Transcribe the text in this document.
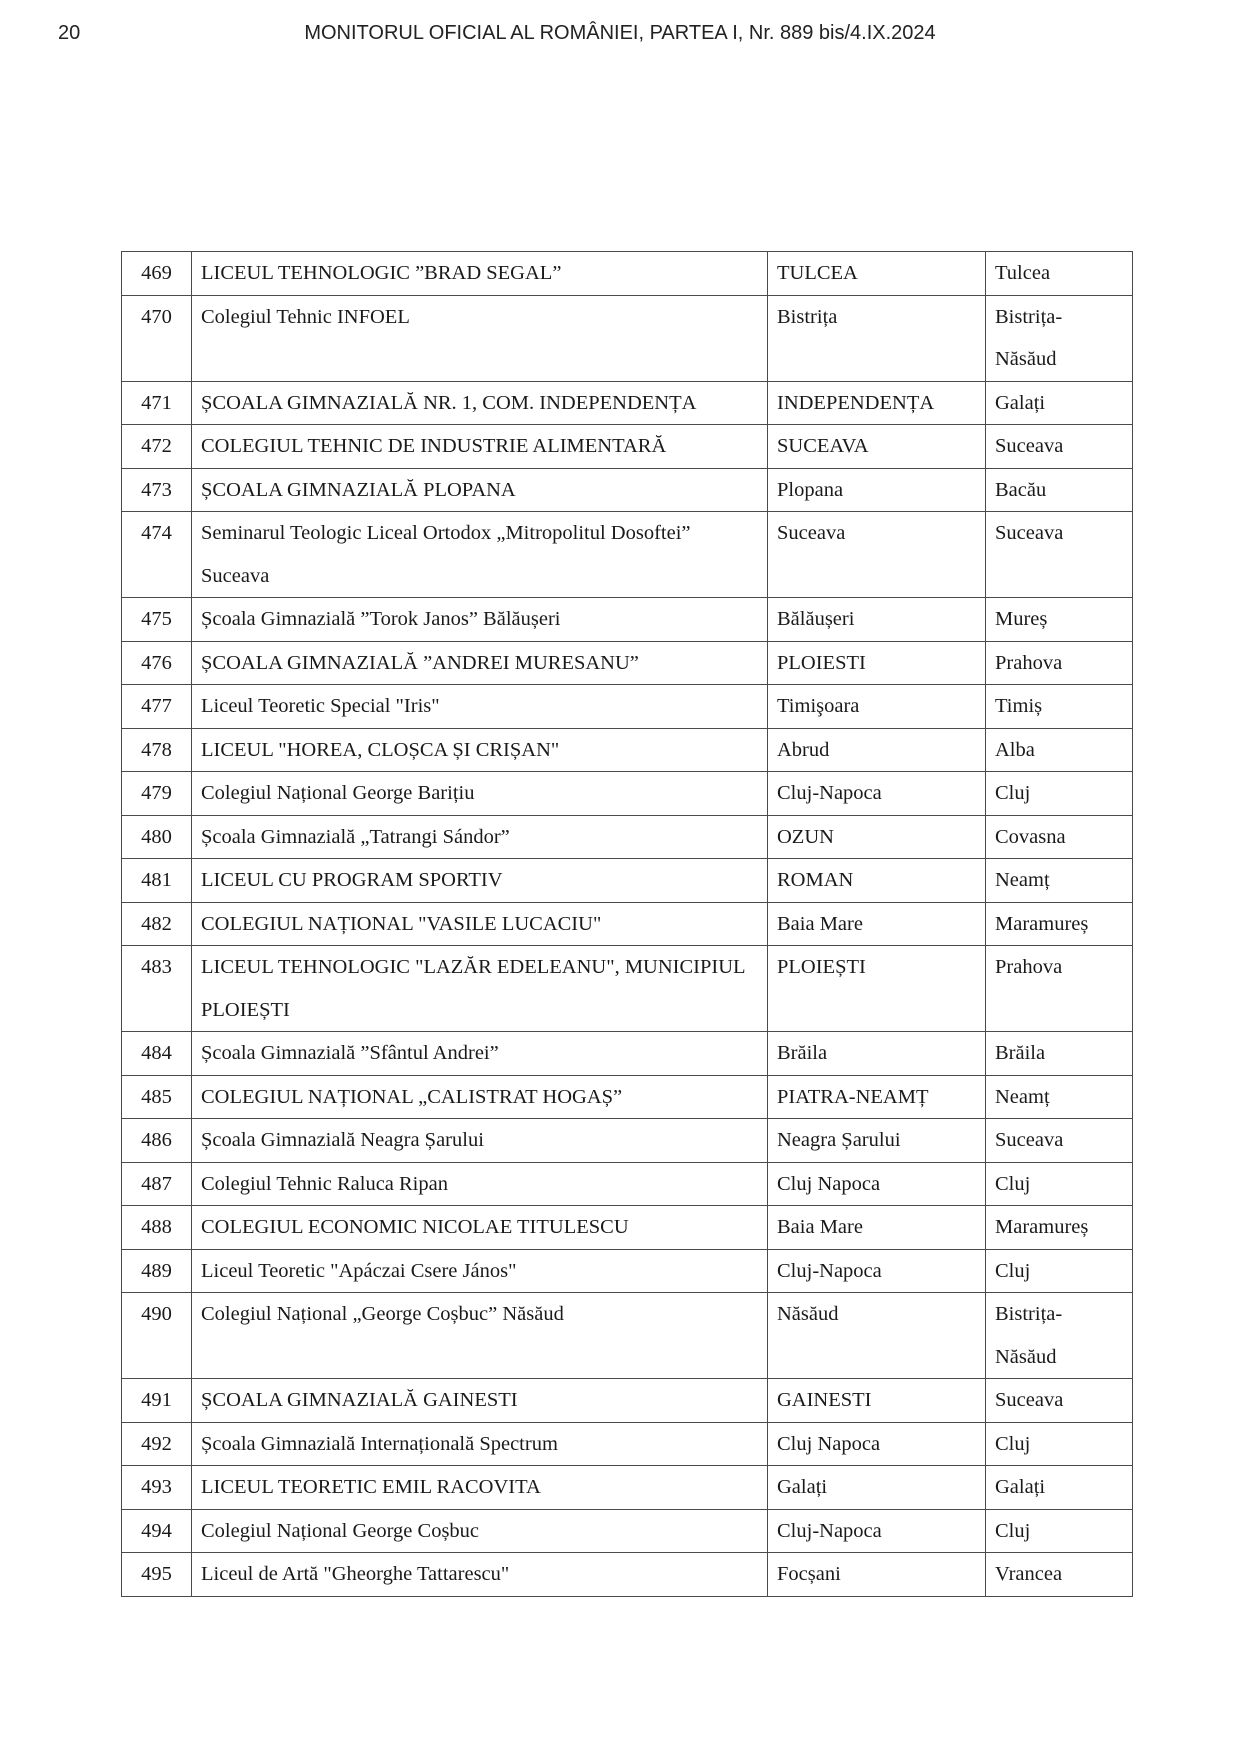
20	MONITORUL OFICIAL AL ROMÂNIEI, PARTEA I, Nr. 889 bis/4.IX.2024
469	LICEUL TEHNOLOGIC ”BRAD SEGAL”	TULCEA	Tulcea

470	Colegiul Tehnic INFOEL	Bistrița	Bistrița-Năsăud

471	ȘCOALA GIMNAZIALĂ NR. 1, COM. INDEPENDENȚA	INDEPENDENȚA	Galați

472	COLEGIUL TEHNIC DE INDUSTRIE ALIMENTARĂ	SUCEAVA	Suceava

473	ȘCOALA GIMNAZIALĂ PLOPANA	Plopana	Bacău

474	Seminarul Teologic Liceal Ortodox „Mitropolitul Dosoftei” Suceava	Suceava	Suceava

475	Școala Gimnazială ”Torok Janos” Bălăușeri	Bălăușeri	Mureș

476	ȘCOALA GIMNAZIALĂ ”ANDREI MURESANU”	PLOIESTI	Prahova

477	Liceul Teoretic Special "Iris"	Timişoara	Timiș

478	LICEUL "HOREA, CLOȘCA ȘI CRIȘAN"	Abrud	Alba

479	Colegiul Național George Barițiu	Cluj-Napoca	Cluj

480	Școala Gimnazială „Tatrangi Sándor”	OZUN	Covasna

481	LICEUL CU PROGRAM SPORTIV	ROMAN	Neamț

482	COLEGIUL NAȚIONAL "VASILE LUCACIU"	Baia Mare	Maramureș

483	LICEUL TEHNOLOGIC "LAZĂR EDELEANU", MUNICIPIUL PLOIEȘTI	PLOIEȘTI	Prahova

484	Școala Gimnazială ”Sfântul Andrei”	Brăila	Brăila

485	COLEGIUL NAȚIONAL „CALISTRAT HOGAȘ”	PIATRA-NEAMȚ	Neamț

486	Școala Gimnazială Neagra Șarului	Neagra Șarului	Suceava

487	Colegiul Tehnic Raluca Ripan	Cluj Napoca	Cluj

488	COLEGIUL ECONOMIC NICOLAE TITULESCU	Baia Mare	Maramureș

489	Liceul Teoretic "Apáczai Csere János"	Cluj-Napoca	Cluj

490	Colegiul Național „George Coșbuc” Năsăud	Năsăud	Bistrița-Năsăud

491	ȘCOALA GIMNAZIALĂ GAINESTI	GAINESTI	Suceava

492	Școala Gimnazială Internațională Spectrum	Cluj Napoca	Cluj

493	LICEUL TEORETIC EMIL RACOVITA	Galați	Galați

494	Colegiul Național George Coșbuc	Cluj-Napoca	Cluj

495	Liceul de Artă "Gheorghe Tattarescu"	Focșani	Vrancea
